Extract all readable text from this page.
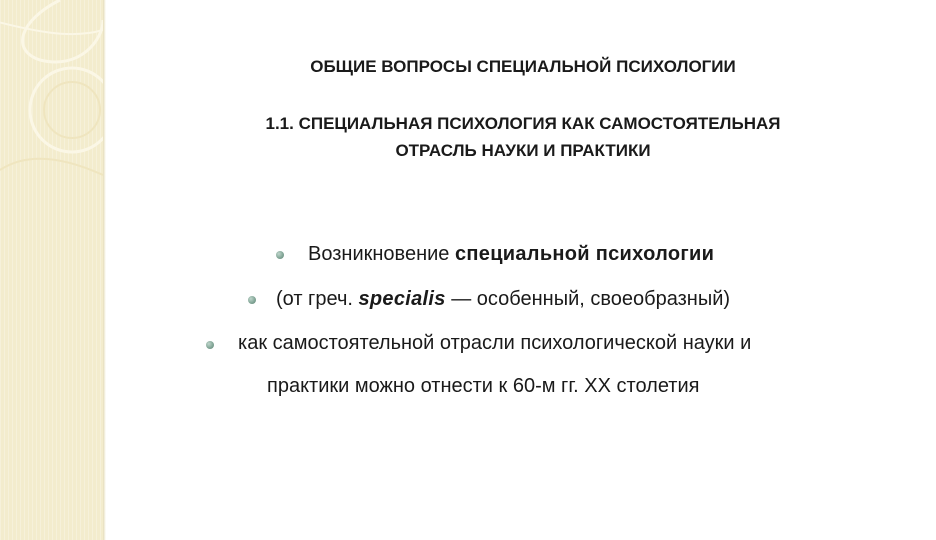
ОБЩИЕ ВОПРОСЫ СПЕЦИАЛЬНОЙ ПСИХОЛОГИИ
1.1. СПЕЦИАЛЬНАЯ ПСИХОЛОГИЯ КАК САМОСТОЯТЕЛЬНАЯ
ОТРАСЛЬ НАУКИ И ПРАКТИКИ

Возникновение специальной психологии

(от греч. specialis — особенный, своеобразный)

как самостоятельной отрасли психологической науки и

практики можно отнести к 60-м гг. XX столетия
